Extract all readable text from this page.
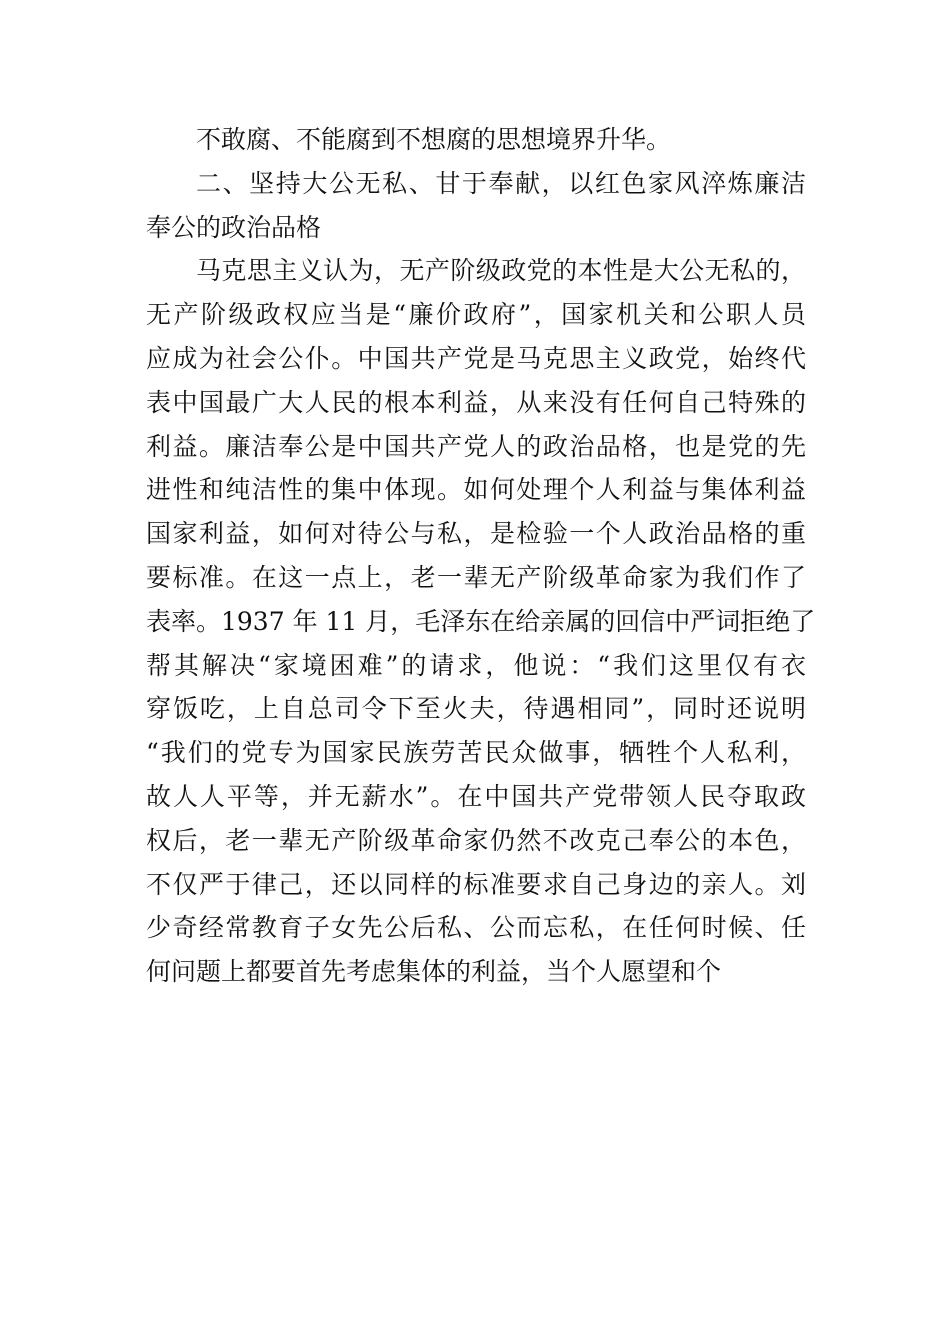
不敢腐、不能腐到不想腐的思想境界升华。
二、坚持大公无私、甘于奉献，以红色家风淬炼廉洁
奉公的政治品格
马克思主义认为，无产阶级政党的本性是大公无私的，
无产阶级政权应当是“廉价政府”，国家机关和公职人员
应成为社会公仆。中国共产党是马克思主义政党，始终代
表中国最广大人民的根本利益，从来没有任何自己特殊的
利益。廉洁奉公是中国共产党人的政治品格，也是党的先
进性和纯洁性的集中体现。如何处理个人利益与集体利益
国家利益，如何对待公与私，是检验一个人政治品格的重
要标准。在这一点上，老一辈无产阶级革命家为我们作了
表率。1937 年 11 月，毛泽东在给亲属的回信中严词拒绝了
帮其解决“家境困难”的请求，他说：“我们这里仅有衣
穿饭吃，上自总司令下至火夫，待遇相同”，同时还说明
“我们的党专为国家民族劳苦民众做事，牺牲个人私利，
故人人平等，并无薪水”。在中国共产党带领人民夺取政
权后，老一辈无产阶级革命家仍然不改克己奉公的本色，
不仅严于律己，还以同样的标准要求自己身边的亲人。刘
少奇经常教育子女先公后私、公而忘私，在任何时候、任
何问题上都要首先考虑集体的利益，当个人愿望和个
